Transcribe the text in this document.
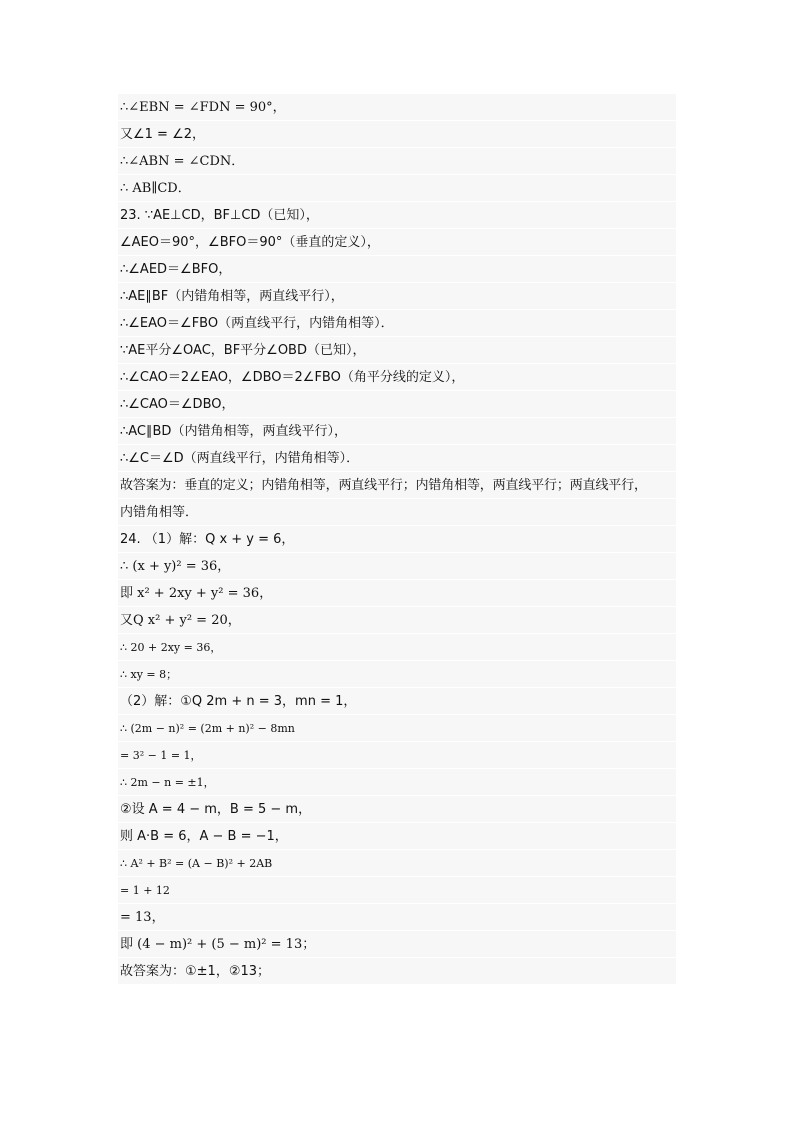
∴∠EBN = ∠FDN = 90°，
又∠1 = ∠2，
∴∠ABN = ∠CDN．
∴ AB∥CD．
23. ∵AE⊥CD，BF⊥CD（已知），
∠AEO＝90°，∠BFO＝90°（垂直的定义），
∴∠AED＝∠BFO，
∴AE∥BF（内错角相等，两直线平行），
∴∠EAO＝∠FBO（两直线平行，内错角相等）．
∵AE平分∠OAC，BF平分∠OBD（已知），
∴∠CAO＝2∠EAO，∠DBO＝2∠FBO（角平分线的定义），
∴∠CAO＝∠DBO，
∴AC∥BD（内错角相等，两直线平行），
∴∠C＝∠D（两直线平行，内错角相等）．
故答案为：垂直的定义；内错角相等，两直线平行；内错角相等，两直线平行；两直线平行，
内错角相等．
24. （1）解：Q x + y = 6，
∴ (x + y)² = 36，
即 x² + 2xy + y² = 36，
又Q x² + y² = 20，
∴ 20 + 2xy = 36，
∴ xy = 8；
（2）解：①Q 2m + n = 3，mn = 1，
∴ (2m − n)² = (2m + n)² − 8mn
= 3² − 1 = 1，
∴ 2m − n = ±1，
②设 A = 4 − m，B = 5 − m，
则 A·B = 6，A − B = −1，
∴ A² + B² = (A − B)² + 2AB
= 1 + 12
= 13，
即 (4 − m)² + (5 − m)² = 13；
故答案为：①±1，②13；
